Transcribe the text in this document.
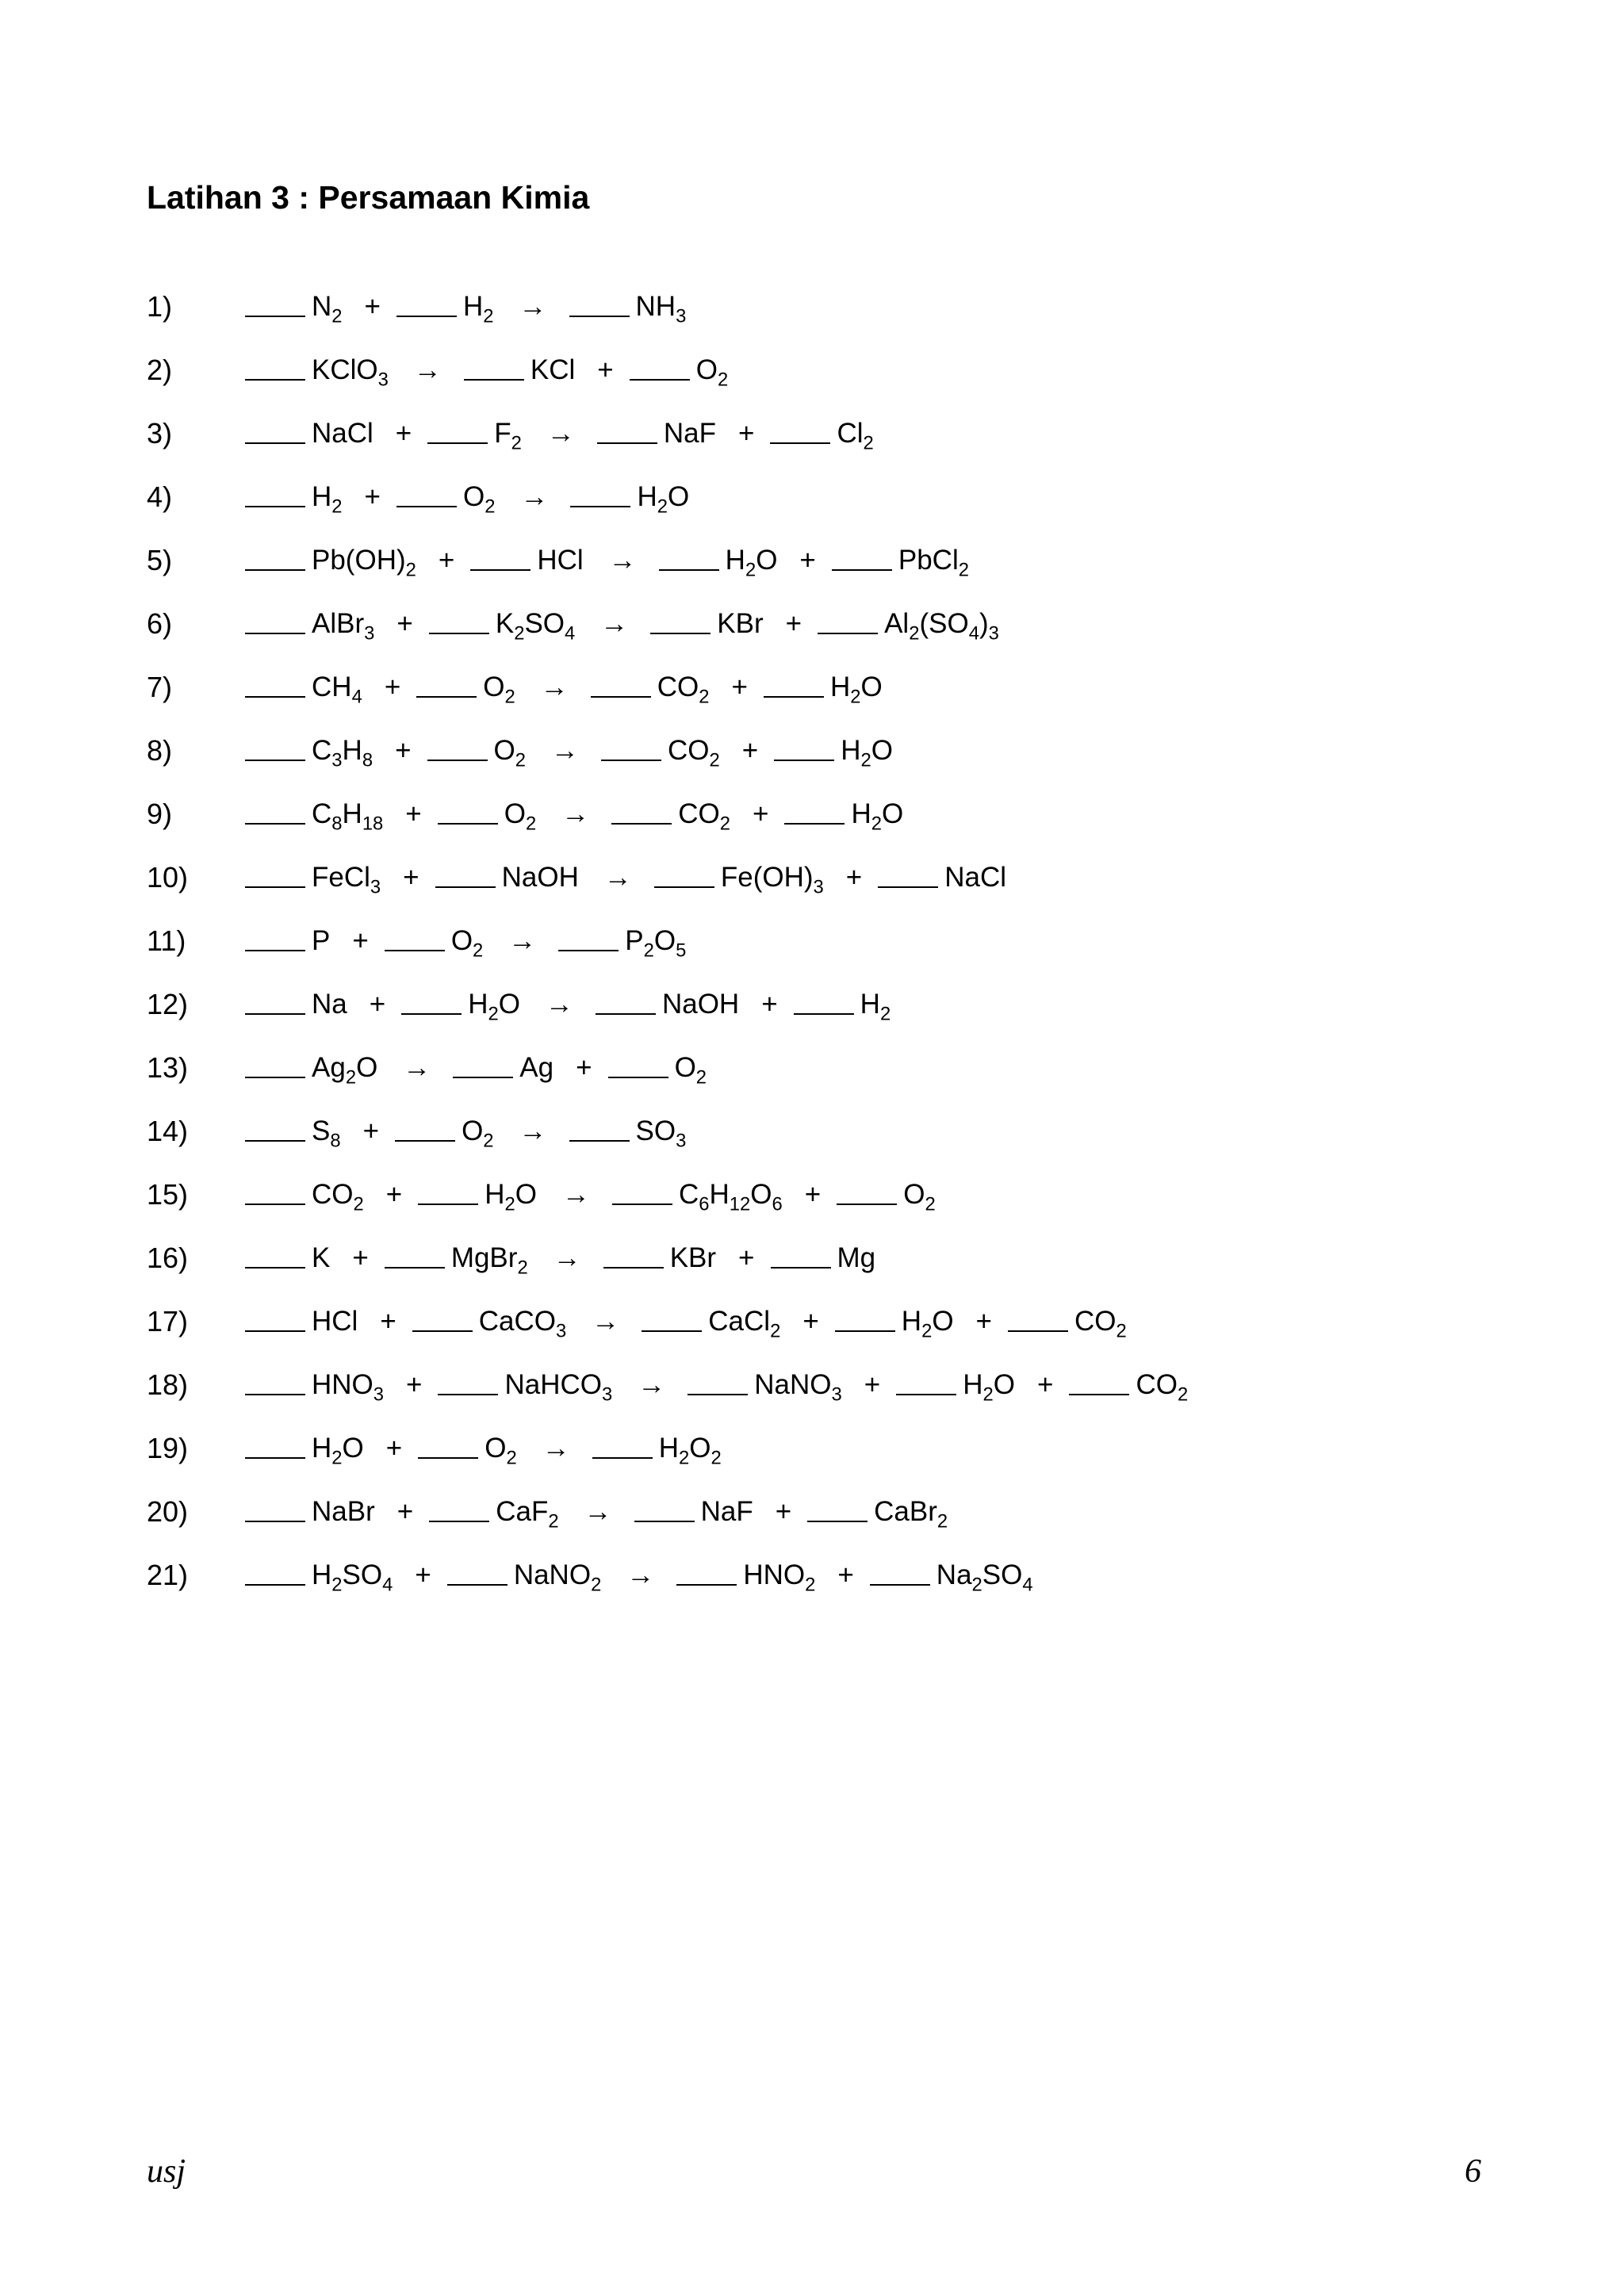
Latihan 3 : Persamaan Kimia
1)	$N_2$ +	$H_2$ →	$NH_3$
2)	KClO$_3$ →	KCl +	$O_2$
3)	NaCl +	$F_2$ →	NaF +	$Cl_2$
4)	$H_2$ +	$O_2$ →	$H_2O$
5)	$Pb(OH)_2$ +	HCl →	$H_2O$ +	PbCl$_2$
6)	AlBr$_3$ +	$K_2SO_4$ →	KBr +	$Al_2(SO_4)_3$
7)	$CH_4$ +	$O_2$ →	$CO_2$ +	$H_2O$
8)	$C_3H_8$ +	$O_2$ →	$CO_2$ +	$H_2O$
9)	$C_8H_{18}$ +	$O_2$ →	$CO_2$ +	$H_2O$
10)	FeCl$_3$ +	NaOH →	$Fe(OH)_3$ +	NaCl
11)	P +	$O_2$ →	$P_2O_5$
12)	Na +	$H_2O$ →	NaOH +	$H_2$
13)	$Ag_2O$ →	Ag +	$O_2$
14)	$S_8$ +	$O_2$ →	$SO_3$
15)	$CO_2$ +	$H_2O$ →	$C_6H_{12}O_6$ +	$O_2$
16)	K +	MgBr$_2$ →	KBr +	Mg
17)	HCl +	CaCO$_3$ →	CaCl$_2$ +	$H_2O$ +	$CO_2$
18)	$HNO_3$ +	NaHCO$_3$ →	NaNO$_3$ +	$H_2O$ +	$CO_2$
19)	$H_2O$ +	$O_2$ →	$H_2O_2$
20)	NaBr +	CaF$_2$ →	NaF +	CaBr$_2$
21)	$H_2SO_4$ +	NaNO$_2$ →	$HNO_2$ +	$Na_2SO_4$
usj	6
